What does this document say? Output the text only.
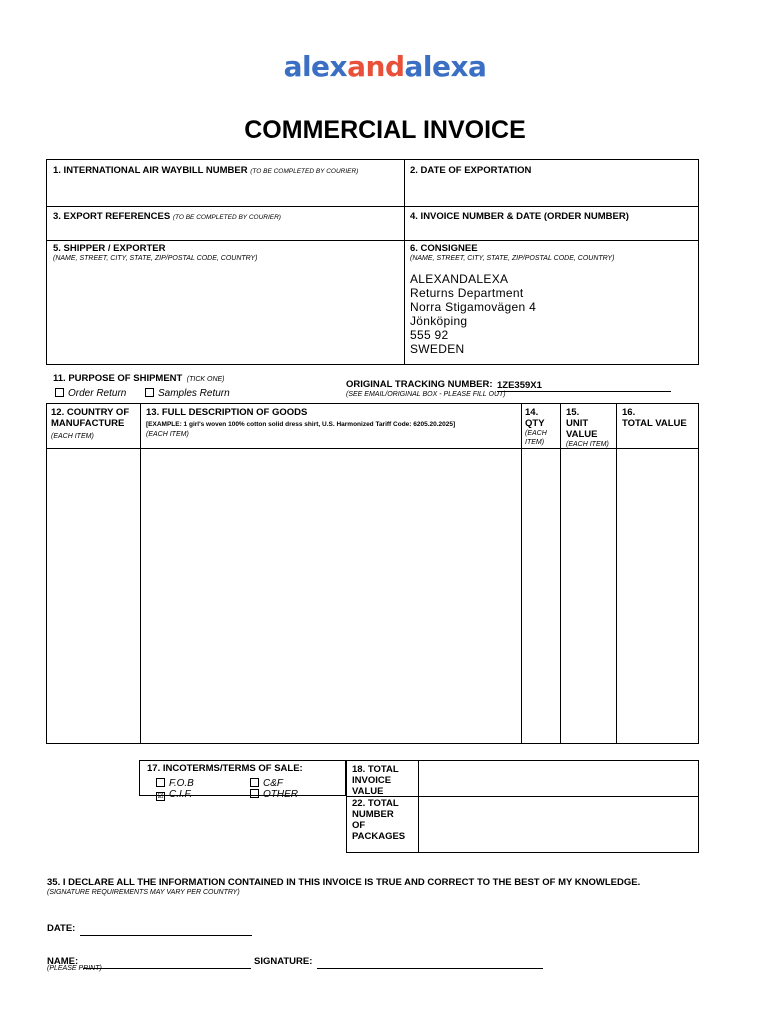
alexandalexa
COMMERCIAL INVOICE
1. INTERNATIONAL AIR WAYBILL NUMBER (TO BE COMPLETED BY COURIER)	2. DATE OF EXPORTATION
3. EXPORT REFERENCES (TO BE COMPLETED BY COURIER)	4. INVOICE NUMBER & DATE (ORDER NUMBER)
5. SHIPPER / EXPORTER
(NAME, STREET, CITY, STATE, ZIP/POSTAL CODE, COUNTRY)
6. CONSIGNEE
(NAME, STREET, CITY, STATE, ZIP/POSTAL CODE, COUNTRY)
ALEXANDALEXA
Returns Department
Norra Stigamovägen 4
Jönköping
555 92
SWEDEN
11. PURPOSE OF SHIPMENT (TICK ONE)
Order Return	Samples Return
ORIGINAL TRACKING NUMBER: 1ZE359X1
(SEE EMAIL/ORIGINAL BOX - PLEASE FILL OUT)
12. COUNTRY OF
MANUFACTURE
(EACH ITEM)
13. FULL DESCRIPTION OF GOODS
[EXAMPLE: 1 girl's woven 100% cotton solid dress shirt, U.S. Harmonized Tariff Code: 6205.20.2025]
(EACH ITEM)
14.
QTY
(EACH
ITEM)
15.
UNIT
VALUE
(EACH ITEM)
16.
TOTAL VALUE
17. INCOTERMS/TERMS OF SALE:
F.O.B	C&F
☑ C.I.F.	OTHER
18. TOTAL
INVOICE
VALUE
22. TOTAL
NUMBER
OF
PACKAGES
35. I DECLARE ALL THE INFORMATION CONTAINED IN THIS INVOICE IS TRUE AND CORRECT TO THE BEST OF MY KNOWLEDGE.
(SIGNATURE REQUIREMENTS MAY VARY PER COUNTRY)
DATE:
NAME:	SIGNATURE:
(PLEASE PRINT)
